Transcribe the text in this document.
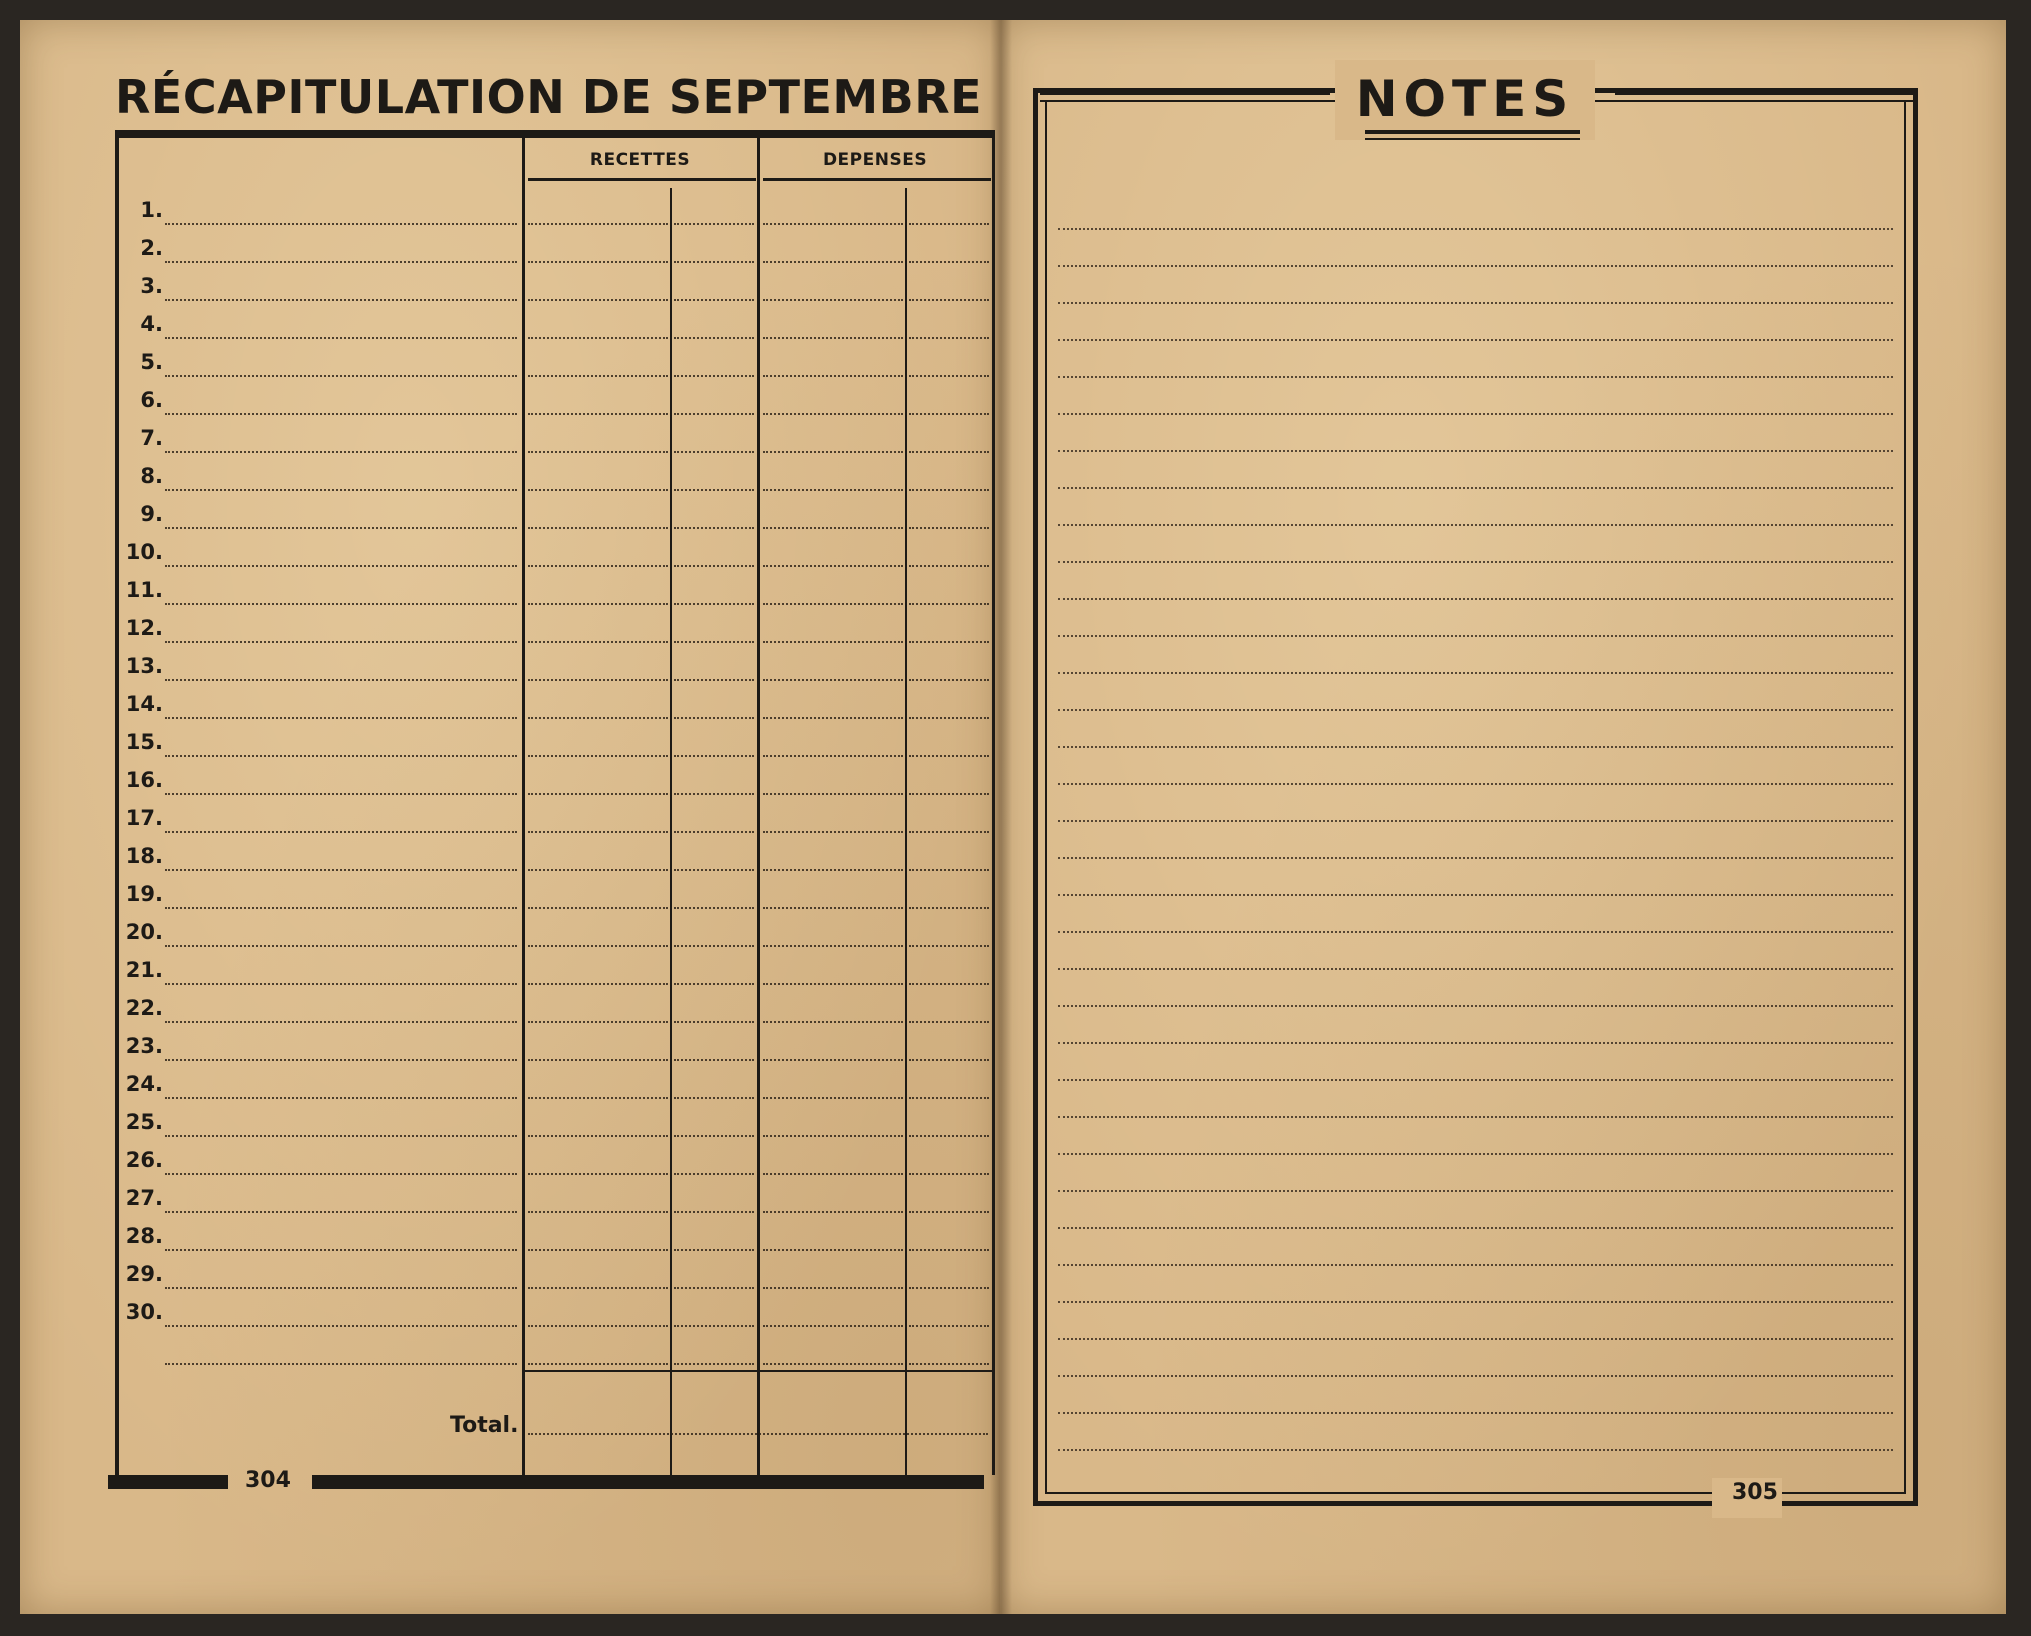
RÉCAPITULATION DE SEPTEMBRE
RECETTES	DEPENSES
1.
2.
3.
4.
5.
6.
7.
8.
9.
10.
11.
12.
13.
14.
15.
16.
17.
18.
19.
20.
21.
22.
23.
24.
25.
26.
27.
28.
29.
30.
Total.
304
NOTES
305
